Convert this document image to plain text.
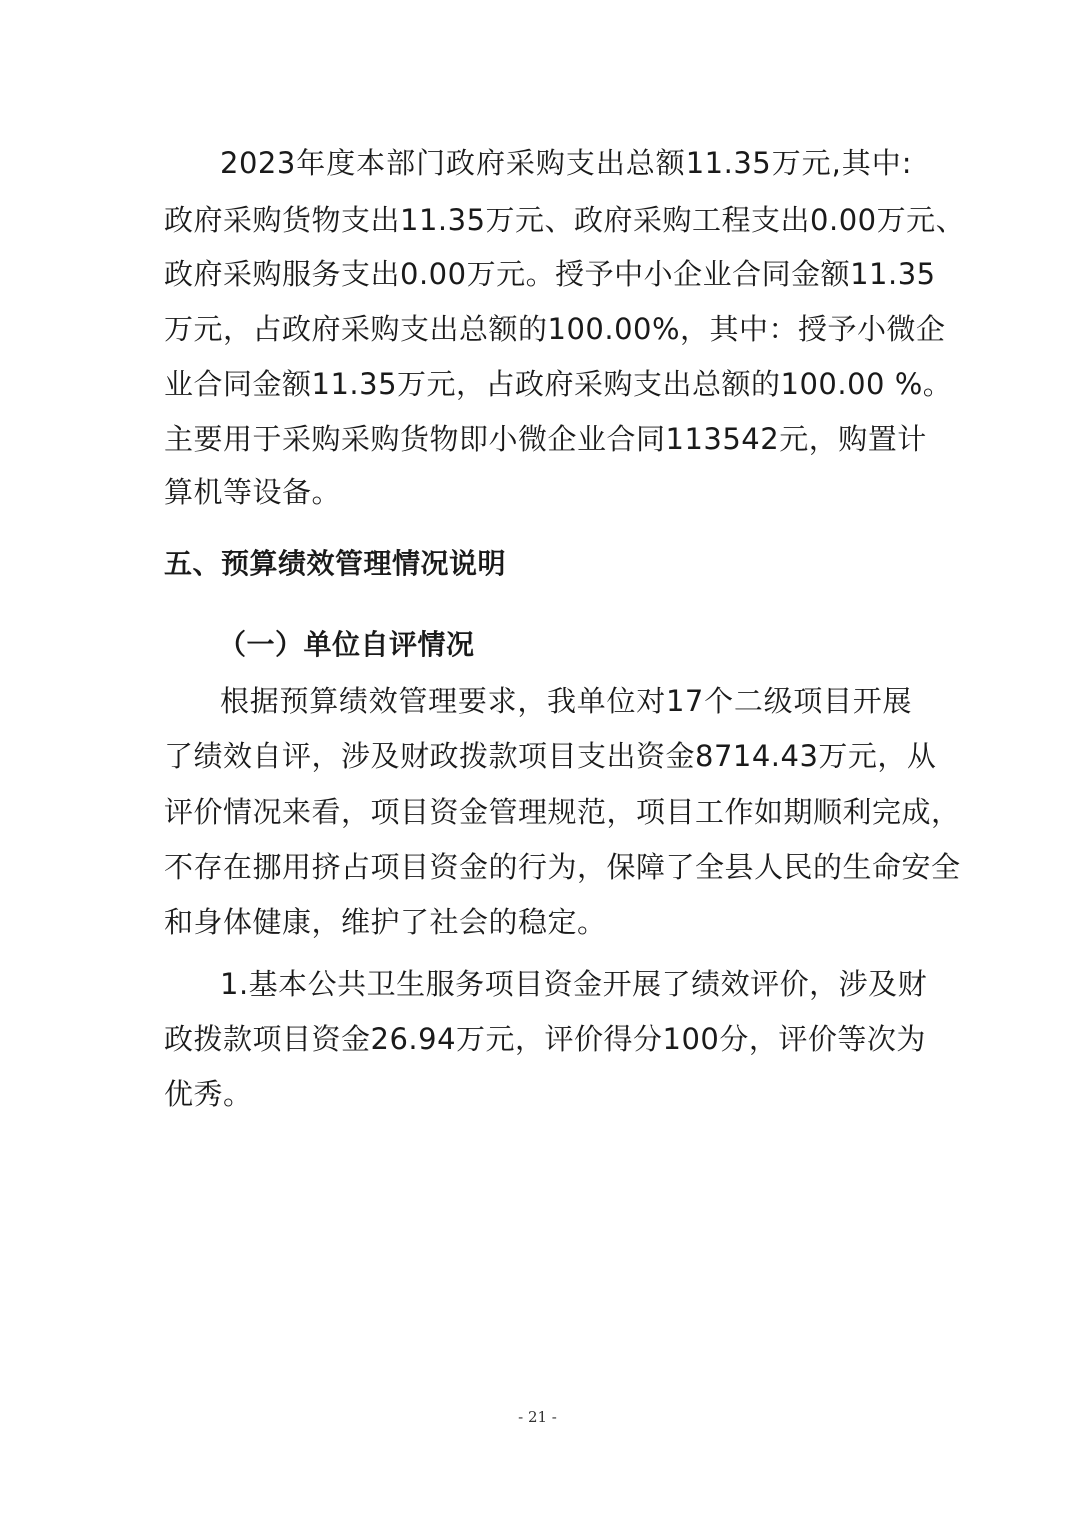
2023年度本部门政府采购支出总额11.35万元,其中:
政府采购货物支出11.35万元、政府采购工程支出0.00万元、
政府采购服务支出0.00万元。授予中小企业合同金额11.35
万元，占政府采购支出总额的100.00%，其中：授予小微企
业合同金额11.35万元，占政府采购支出总额的100.00 %。
主要用于采购采购货物即小微企业合同113542元，购置计
算机等设备。
五、预算绩效管理情况说明
（一）单位自评情况
根据预算绩效管理要求，我单位对17个二级项目开展
了绩效自评，涉及财政拨款项目支出资金8714.43万元，从
评价情况来看，项目资金管理规范，项目工作如期顺利完成，
不存在挪用挤占项目资金的行为，保障了全县人民的生命安全
和身体健康，维护了社会的稳定。
1.基本公共卫生服务项目资金开展了绩效评价，涉及财
政拨款项目资金26.94万元，评价得分100分，评价等次为
优秀。
- 21 -
